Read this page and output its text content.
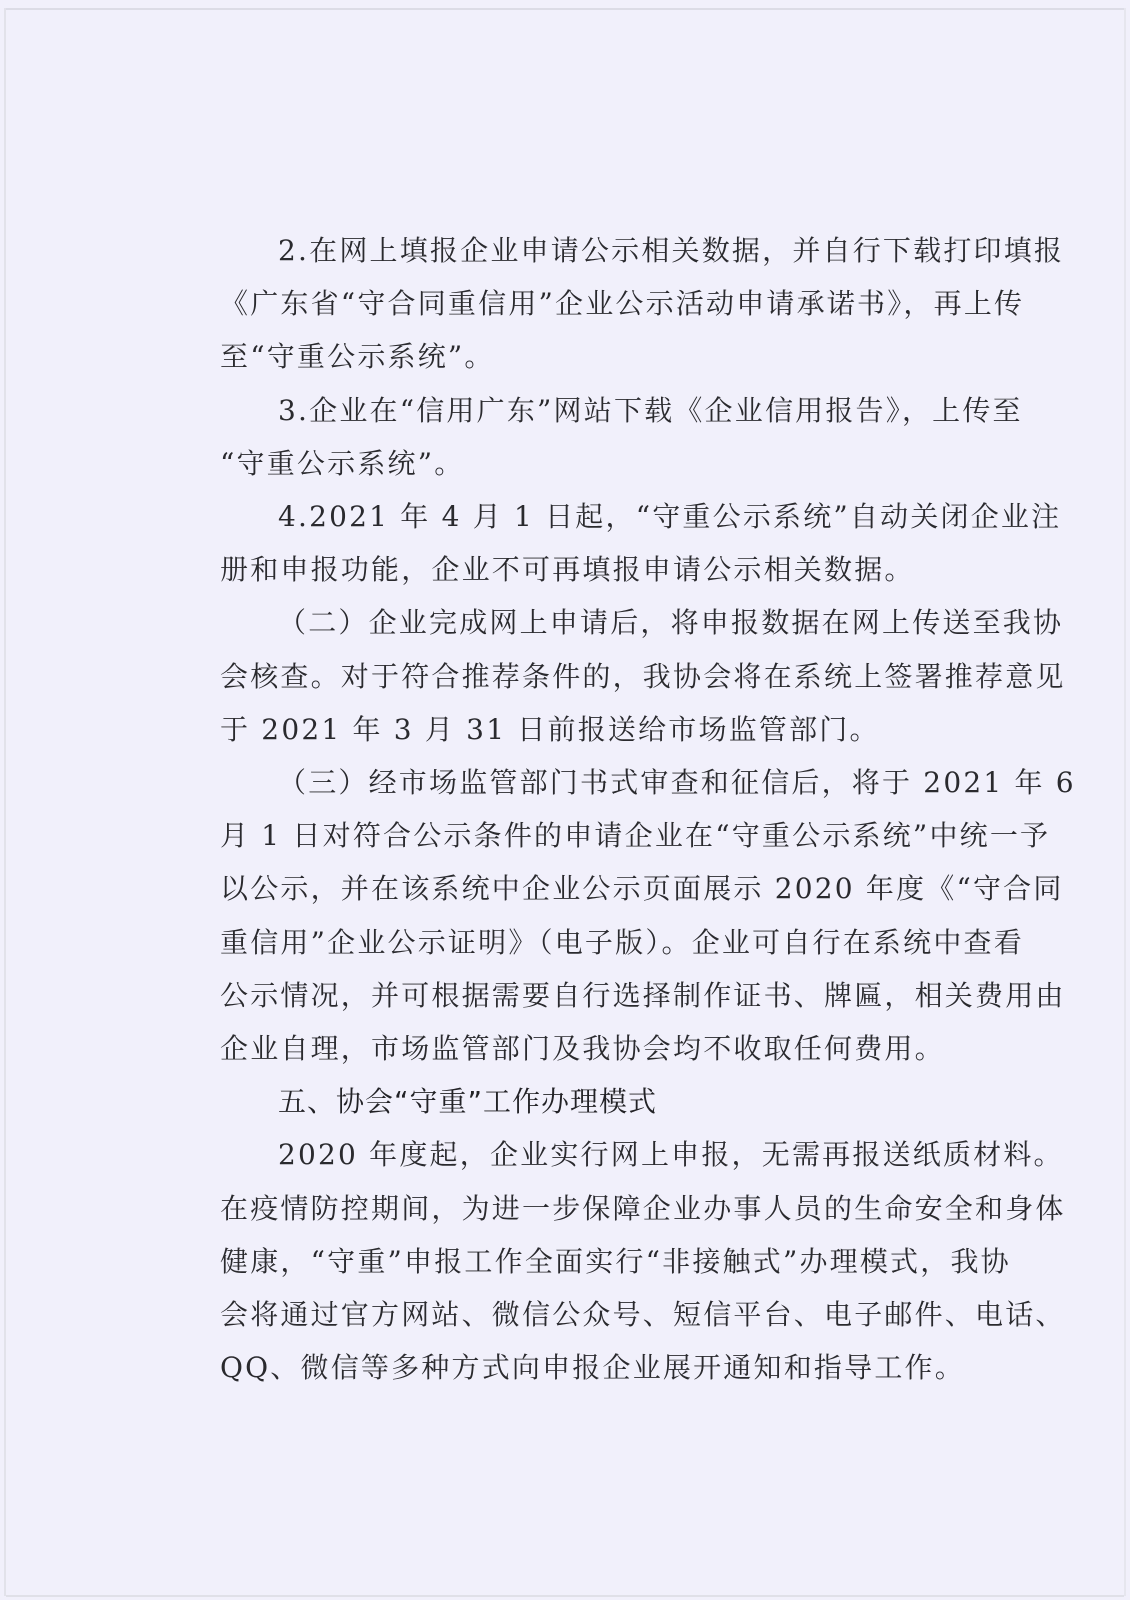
2.在网上填报企业申请公示相关数据，并自行下载打印填报
《广东省“守合同重信用”企业公示活动申请承诺书》，再上传
至“守重公示系统”。
3.企业在“信用广东”网站下载《企业信用报告》，上传至
“守重公示系统”。
4.2021 年 4 月 1 日起，“守重公示系统”自动关闭企业注
册和申报功能，企业不可再填报申请公示相关数据。
（二）企业完成网上申请后，将申报数据在网上传送至我协
会核查。对于符合推荐条件的，我协会将在系统上签署推荐意见
于 2021 年 3 月 31 日前报送给市场监管部门。
（三）经市场监管部门书式审查和征信后，将于 2021 年 6
月 1 日对符合公示条件的申请企业在“守重公示系统”中统一予
以公示，并在该系统中企业公示页面展示 2020 年度《“守合同
重信用”企业公示证明》（电子版）。企业可自行在系统中查看
公示情况，并可根据需要自行选择制作证书、牌匾，相关费用由
企业自理，市场监管部门及我协会均不收取任何费用。
五、协会“守重”工作办理模式
2020 年度起，企业实行网上申报，无需再报送纸质材料。
在疫情防控期间，为进一步保障企业办事人员的生命安全和身体
健康，“守重”申报工作全面实行“非接触式”办理模式，我协
会将通过官方网站、微信公众号、短信平台、电子邮件、电话、
QQ、微信等多种方式向申报企业展开通知和指导工作。
